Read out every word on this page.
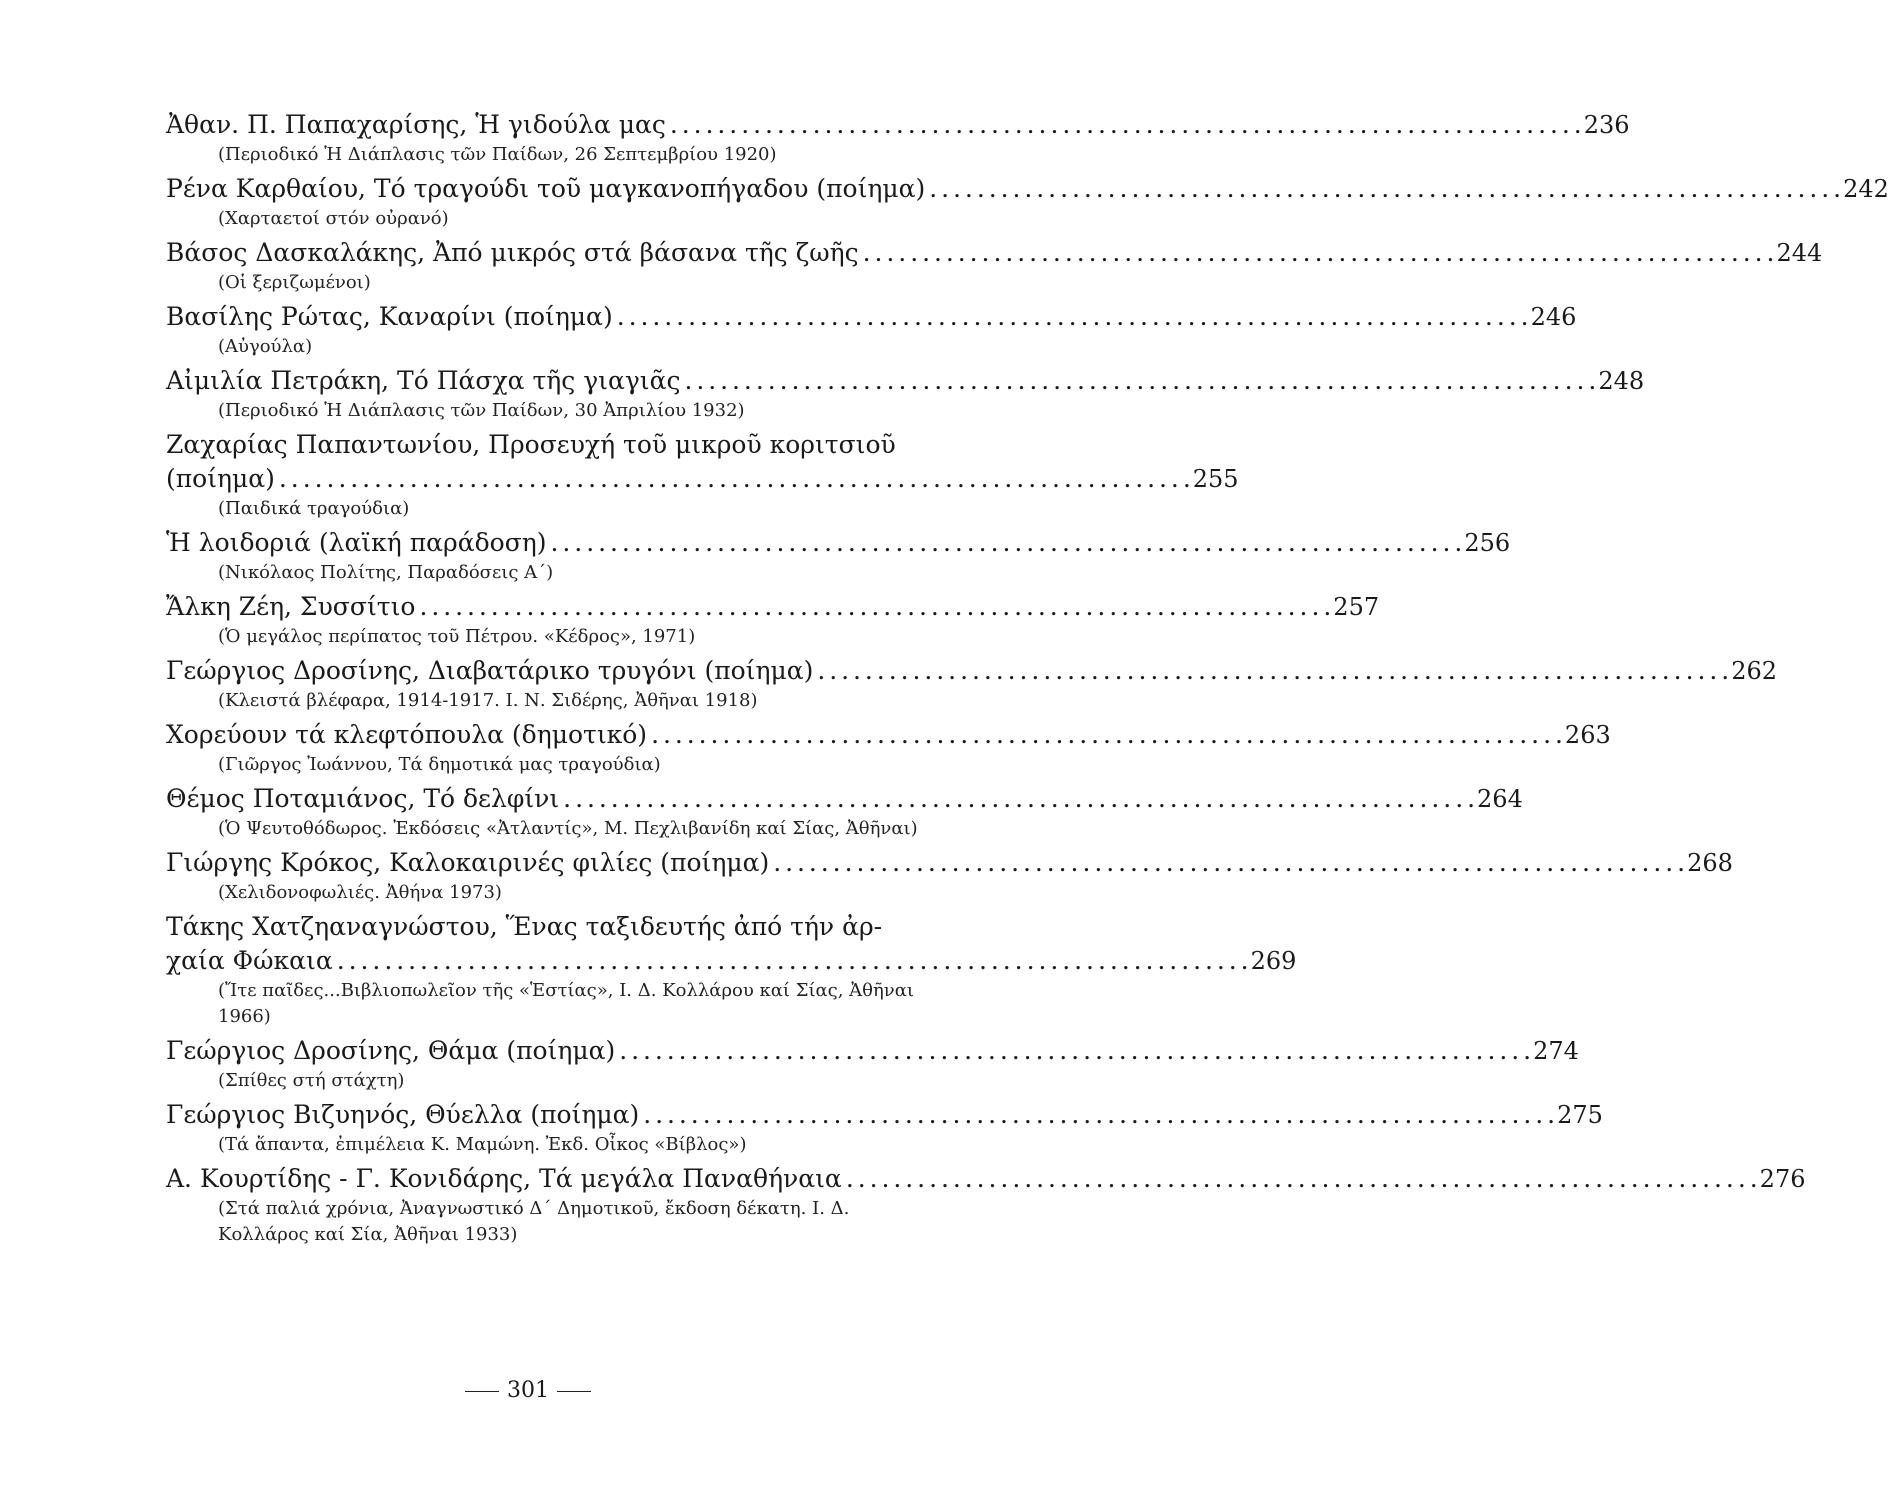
Ἀθαν. Π. Παπαχαρίσης, Ἡ γιδούλα μας . . .	236
(Περιοδικό Ἡ Διάπλασις τῶν Παίδων, 26 Σεπτεμβρίου 1920)
Ρένα Καρθαίου, Τό τραγούδι τοῦ μαγκανοπήγαδου (ποίημα) . . .	242
(Χαρταετοί στόν οὐρανό)
Βάσος Δασκαλάκης, Ἀπό μικρός στά βάσανα τῆς ζωῆς . . .	244
(Οἱ ξεριζωμένοι)
Βασίλης Ρώτας, Καναρίνι (ποίημα) . . .	246
(Αὐγούλα)
Αἰμιλία Πετράκη, Τό Πάσχα τῆς γιαγιᾶς . . .	248
(Περιοδικό Ἡ Διάπλασις τῶν Παίδων, 30 Ἀπριλίου 1932)
Ζαχαρίας Παπαντωνίου, Προσευχή τοῦ μικροῦ κοριτσιοῦ
(ποίημα) . . .	255
(Παιδικά τραγούδια)
Ἡ λοιδοριά (λαϊκή παράδοση) . . .	256
(Νικόλαος Πολίτης, Παραδόσεις Α΄)
Ἄλκη Ζέη, Συσσίτιο . . .	257
(Ὁ μεγάλος περίπατος τοῦ Πέτρου. «Κέδρος», 1971)
Γεώργιος Δροσίνης, Διαβατάρικο τρυγόνι (ποίημα) . . .	262
(Κλειστά βλέφαρα, 1914-1917. Ι. Ν. Σιδέρης, Ἀθῆναι 1918)
Χορεύουν τά κλεφτόπουλα (δημοτικό) . . .	263
(Γιῶργος Ἰωάννου, Τά δημοτικά μας τραγούδια)
Θέμος Ποταμιάνος, Τό δελφίνι . . .	264
(Ὁ Ψευτοθόδωρος. Ἐκδόσεις «Ἀτλαντίς», Μ. Πεχλιβανίδη καί Σίας, Ἀθῆναι)
Γιώργης Κρόκος, Καλοκαιρινές φιλίες (ποίημα) . . .	268
(Χελιδονοφωλιές. Ἀθήνα 1973)
Τάκης Χατζηαναγνώστου, Ἕνας ταξιδευτής ἀπό τήν ἀρ-
χαία Φώκαια . . .	269
(Ἴτε παῖδες...Βιβλιοπωλεῖον τῆς «Ἑστίας», Ι. Δ. Κολλάρου καί Σίας, Ἀθῆναι 1966)
Γεώργιος Δροσίνης, Θάμα (ποίημα) . . .	274
(Σπίθες στή στάχτη)
Γεώργιος Βιζυηνός, Θύελλα (ποίημα) . . .	275
(Τά ἅπαντα, ἐπιμέλεια Κ. Μαμώνη. Ἐκδ. Οἶκος «Βίβλος»)
Α. Κουρτίδης - Γ. Κονιδάρης, Τά μεγάλα Παναθήναια . . .	276
(Στά παλιά χρόνια, Ἀναγνωστικό Δ΄ Δημοτικοῦ, ἔκδοση δέκατη. Ι. Δ. Κολλάρος καί Σία, Ἀθῆναι 1933)
301
